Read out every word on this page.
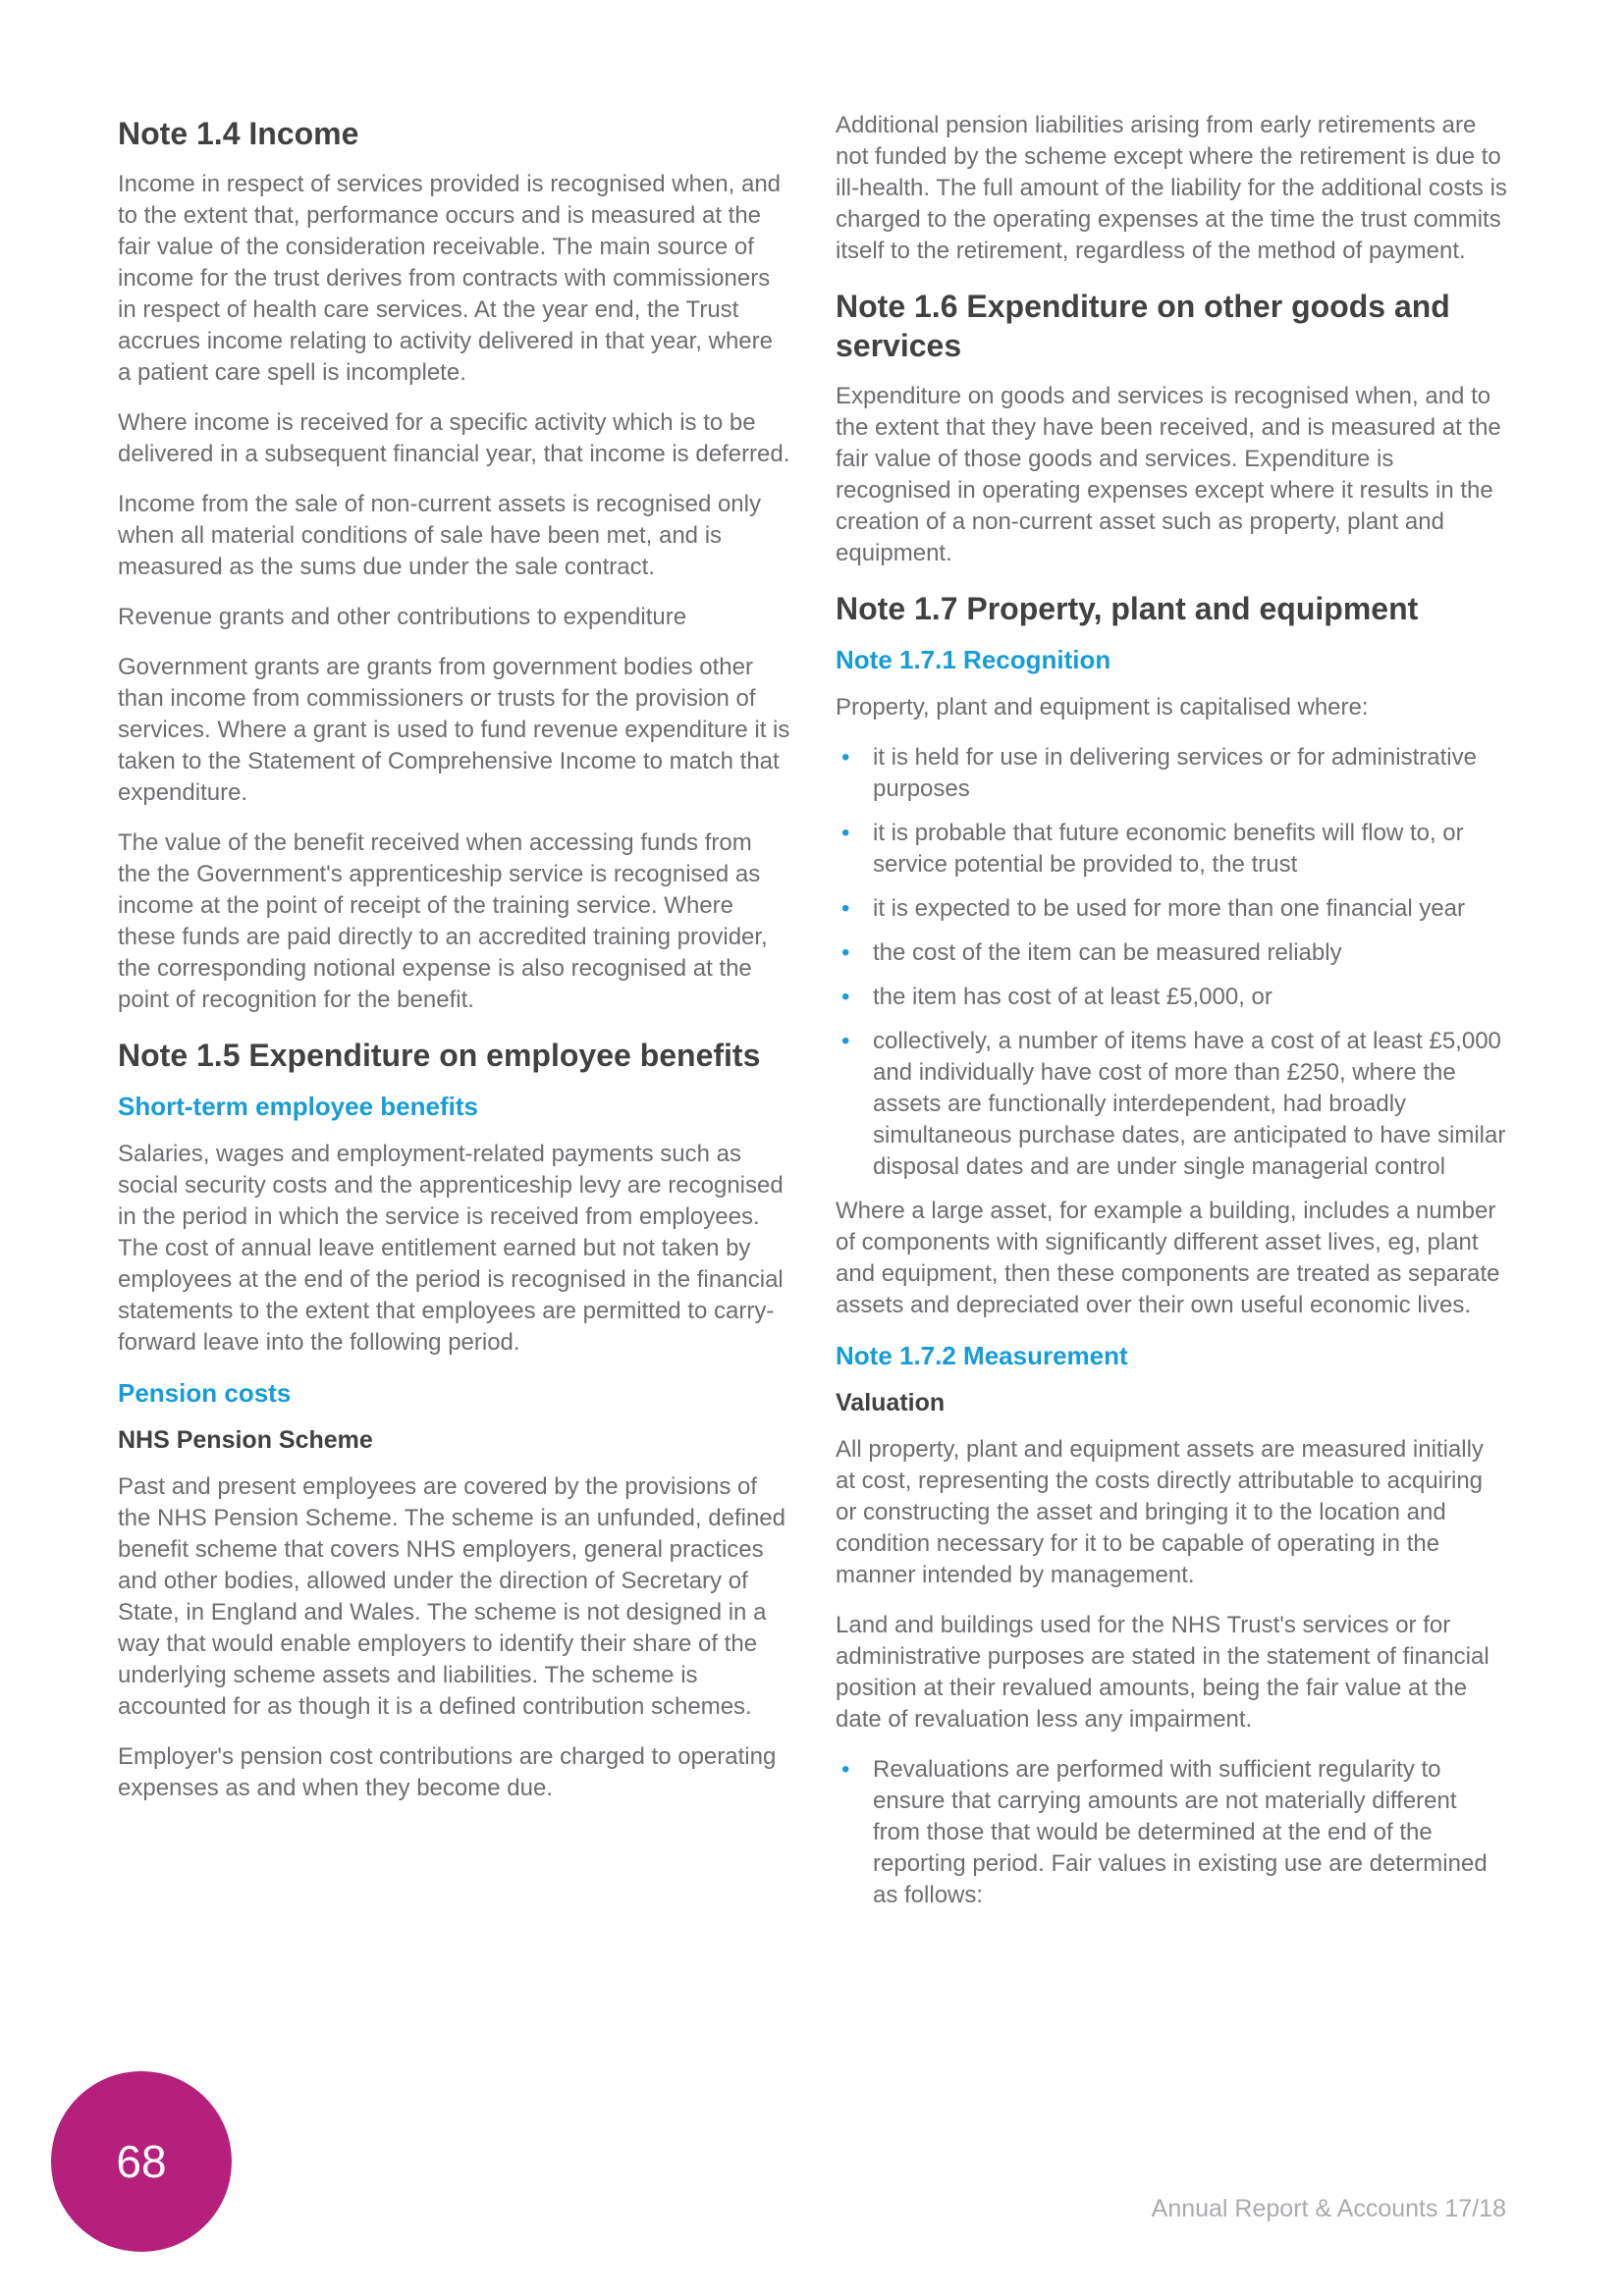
Note 1.4 Income

Income in respect of services provided is recognised when, and to the extent that, performance occurs and is measured at the fair value of the consideration receivable. The main source of income for the trust derives from contracts with commissioners in respect of health care services. At the year end, the Trust accrues income relating to activity delivered in that year, where a patient care spell is incomplete.

Where income is received for a specific activity which is to be delivered in a subsequent financial year, that income is deferred.

Income from the sale of non-current assets is recognised only when all material conditions of sale have been met, and is measured as the sums due under the sale contract.

Revenue grants and other contributions to expenditure

Government grants are grants from government bodies other than income from commissioners or trusts for the provision of services. Where a grant is used to fund revenue expenditure it is taken to the Statement of Comprehensive Income to match that expenditure.

The value of the benefit received when accessing funds from the the Government's apprenticeship service is recognised as income at the point of receipt of the training service. Where these funds are paid directly to an accredited training provider, the corresponding notional expense is also recognised at the point of recognition for the benefit.

Note 1.5 Expenditure on employee benefits
Short-term employee benefits

Salaries, wages and employment-related payments such as social security costs and the apprenticeship levy are recognised in the period in which the service is received from employees. The cost of annual leave entitlement earned but not taken by employees at the end of the period is recognised in the financial statements to the extent that employees are permitted to carry-forward leave into the following period.

Pension costs
NHS Pension Scheme

Past and present employees are covered by the provisions of the NHS Pension Scheme. The scheme is an unfunded, defined benefit scheme that covers NHS employers, general practices and other bodies, allowed under the direction of Secretary of State, in England and Wales. The scheme is not designed in a way that would enable employers to identify their share of the underlying scheme assets and liabilities. The scheme is accounted for as though it is a defined contribution schemes.

Employer's pension cost contributions are charged to operating expenses as and when they become due.

Additional pension liabilities arising from early retirements are not funded by the scheme except where the retirement is due to ill-health. The full amount of the liability for the additional costs is charged to the operating expenses at the time the trust commits itself to the retirement, regardless of the method of payment.

Note 1.6 Expenditure on other goods and services

Expenditure on goods and services is recognised when, and to the extent that they have been received, and is measured at the fair value of those goods and services. Expenditure is recognised in operating expenses except where it results in the creation of a non-current asset such as property, plant and equipment.

Note 1.7 Property, plant and equipment
Note 1.7.1 Recognition

Property, plant and equipment is capitalised where:

• it is held for use in delivering services or for administrative purposes
• it is probable that future economic benefits will flow to, or service potential be provided to, the trust
• it is expected to be used for more than one financial year
• the cost of the item can be measured reliably
• the item has cost of at least £5,000, or
• collectively, a number of items have a cost of at least £5,000 and individually have cost of more than £250, where the assets are functionally interdependent, had broadly simultaneous purchase dates, are anticipated to have similar disposal dates and are under single managerial control

Where a large asset, for example a building, includes a number of components with significantly different asset lives, eg, plant and equipment, then these components are treated as separate assets and depreciated over their own useful economic lives.

Note 1.7.2 Measurement
Valuation

All property, plant and equipment assets are measured initially at cost, representing the costs directly attributable to acquiring or constructing the asset and bringing it to the location and condition necessary for it to be capable of operating in the manner intended by management.

Land and buildings used for the NHS Trust's services or for administrative purposes are stated in the statement of financial position at their revalued amounts, being the fair value at the date of revaluation less any impairment.

• Revaluations are performed with sufficient regularity to ensure that carrying amounts are not materially different from those that would be determined at the end of the reporting period. Fair values in existing use are determined as follows:
68
Annual Report & Accounts 17/18
